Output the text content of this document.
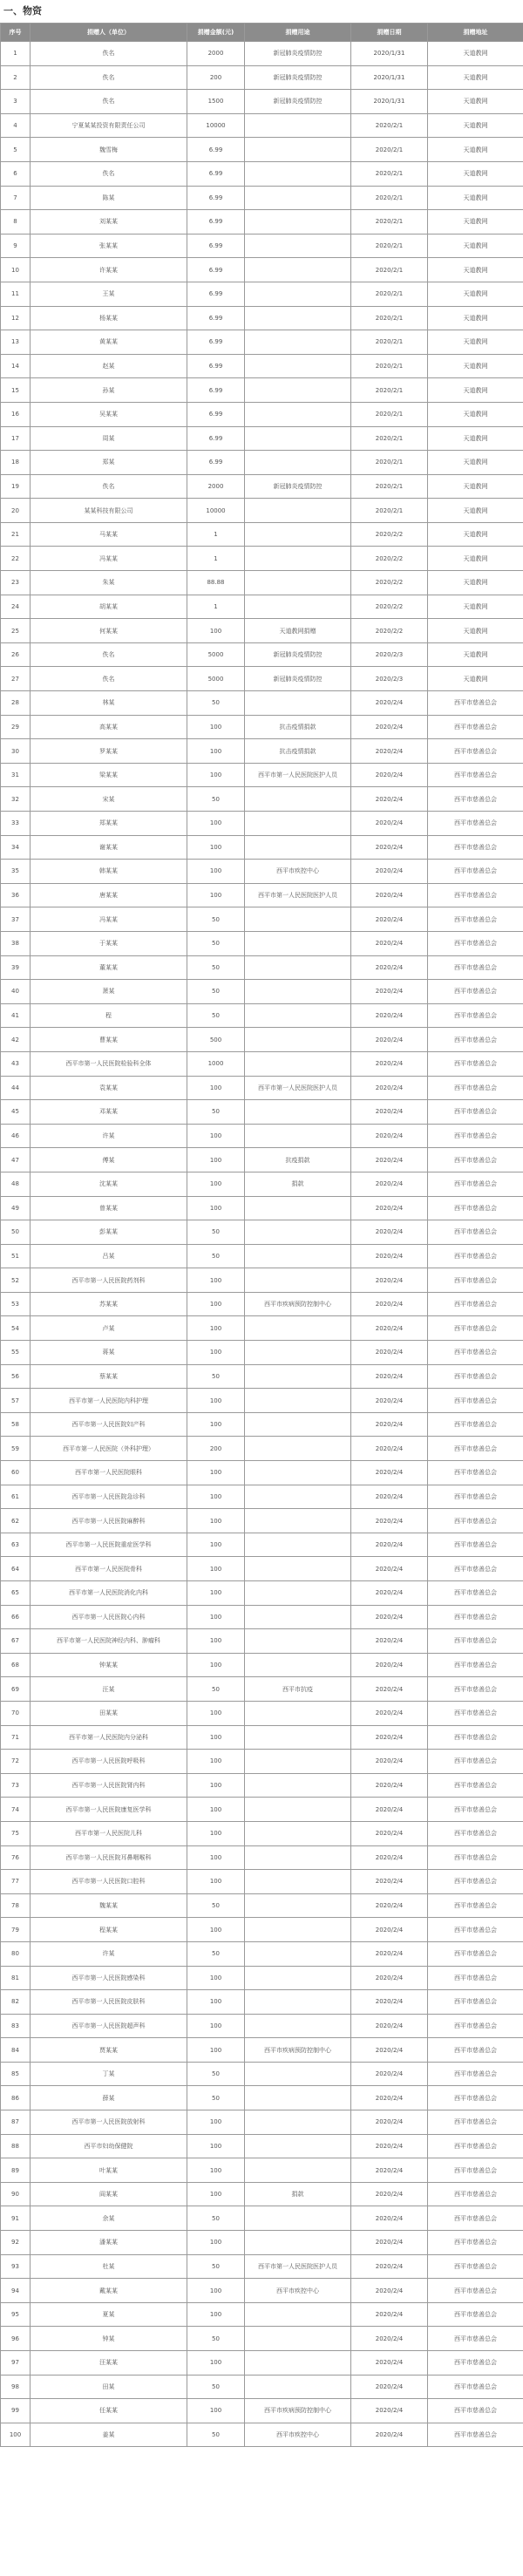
一、物资
序号	捐赠人（单位）	捐赠金额(元)	捐赠用途	捐赠日期	捐赠地址
1	佚名	2000	新冠肺炎疫情防控	2020/1/31	天道教网
2	佚名	200	新冠肺炎疫情防控	2020/1/31	天道教网
3	佚名	1500	新冠肺炎疫情防控	2020/1/31	天道教网
4	宁夏某某投资有限责任公司	10000		2020/2/1	天道教网
5	魏雪梅	6.99		2020/2/1	天道教网
6	佚名	6.99		2020/2/1	天道教网
7	陈某	6.99		2020/2/1	天道教网
8	刘某某	6.99		2020/2/1	天道教网
9	张某某	6.99		2020/2/1	天道教网
10	许某某	6.99		2020/2/1	天道教网
11	王某	6.99		2020/2/1	天道教网
12	杨某某	6.99		2020/2/1	天道教网
13	黄某某	6.99		2020/2/1	天道教网
14	赵某	6.99		2020/2/1	天道教网
15	孙某	6.99		2020/2/1	天道教网
16	吴某某	6.99		2020/2/1	天道教网
17	周某	6.99		2020/2/1	天道教网
18	郑某	6.99		2020/2/1	天道教网
19	佚名	2000	新冠肺炎疫情防控	2020/2/1	天道教网
20	某某科技有限公司	10000		2020/2/1	天道教网
21	马某某	1		2020/2/2	天道教网
22	冯某某	1		2020/2/2	天道教网
23	朱某	88.88		2020/2/2	天道教网
24	胡某某	1		2020/2/2	天道教网
25	何某某	100	天道教网捐赠	2020/2/2	天道教网
26	佚名	5000	新冠肺炎疫情防控	2020/2/3	天道教网
27	佚名	5000	新冠肺炎疫情防控	2020/2/3	天道教网
28	林某	50		2020/2/4	西平市慈善总会
29	高某某	100	抗击疫情捐款	2020/2/4	西平市慈善总会
30	罗某某	100	抗击疫情捐款	2020/2/4	西平市慈善总会
31	梁某某	100	西平市第一人民医院医护人员	2020/2/4	西平市慈善总会
32	宋某	50		2020/2/4	西平市慈善总会
33	郑某某	100		2020/2/4	西平市慈善总会
34	谢某某	100		2020/2/4	西平市慈善总会
35	韩某某	100	西平市疾控中心	2020/2/4	西平市慈善总会
36	唐某某	100	西平市第一人民医院医护人员	2020/2/4	西平市慈善总会
37	冯某某	50		2020/2/4	西平市慈善总会
38	于某某	50		2020/2/4	西平市慈善总会
39	董某某	50		2020/2/4	西平市慈善总会
40	萧某	50		2020/2/4	西平市慈善总会
41	程	50		2020/2/4	西平市慈善总会
42	曹某某	500		2020/2/4	西平市慈善总会
43	西平市第一人民医院检验科全体	1000		2020/2/4	西平市慈善总会
44	袁某某	100	西平市第一人民医院医护人员	2020/2/4	西平市慈善总会
45	邓某某	50		2020/2/4	西平市慈善总会
46	许某	100		2020/2/4	西平市慈善总会
47	傅某	100	抗疫捐款	2020/2/4	西平市慈善总会
48	沈某某	100	捐款	2020/2/4	西平市慈善总会
49	曾某某	100		2020/2/4	西平市慈善总会
50	彭某某	50		2020/2/4	西平市慈善总会
51	吕某	50		2020/2/4	西平市慈善总会
52	西平市第一人民医院药剂科	100		2020/2/4	西平市慈善总会
53	苏某某	100	西平市疾病预防控制中心	2020/2/4	西平市慈善总会
54	卢某	100		2020/2/4	西平市慈善总会
55	蒋某	100		2020/2/4	西平市慈善总会
56	蔡某某	50		2020/2/4	西平市慈善总会
57	西平市第一人民医院内科护理	100		2020/2/4	西平市慈善总会
58	西平市第一人民医院妇产科	100		2020/2/4	西平市慈善总会
59	西平市第一人民医院（外科护理）	200		2020/2/4	西平市慈善总会
60	西平市第一人民医院眼科	100		2020/2/4	西平市慈善总会
61	西平市第一人民医院急诊科	100		2020/2/4	西平市慈善总会
62	西平市第一人民医院麻醉科	100		2020/2/4	西平市慈善总会
63	西平市第一人民医院重症医学科	100		2020/2/4	西平市慈善总会
64	西平市第一人民医院骨科	100		2020/2/4	西平市慈善总会
65	西平市第一人民医院消化内科	100		2020/2/4	西平市慈善总会
66	西平市第一人民医院心内科	100		2020/2/4	西平市慈善总会
67	西平市第一人民医院神经内科、肿瘤科	100		2020/2/4	西平市慈善总会
68	钟某某	100		2020/2/4	西平市慈善总会
69	汪某	50	西平市抗疫	2020/2/4	西平市慈善总会
70	田某某	100		2020/2/4	西平市慈善总会
71	西平市第一人民医院内分泌科	100		2020/2/4	西平市慈善总会
72	西平市第一人民医院呼吸科	100		2020/2/4	西平市慈善总会
73	西平市第一人民医院肾内科	100		2020/2/4	西平市慈善总会
74	西平市第一人民医院康复医学科	100		2020/2/4	西平市慈善总会
75	西平市第一人民医院儿科	100		2020/2/4	西平市慈善总会
76	西平市第一人民医院耳鼻咽喉科	100		2020/2/4	西平市慈善总会
77	西平市第一人民医院口腔科	100		2020/2/4	西平市慈善总会
78	魏某某	50		2020/2/4	西平市慈善总会
79	程某某	100		2020/2/4	西平市慈善总会
80	许某	50		2020/2/4	西平市慈善总会
81	西平市第一人民医院感染科	100		2020/2/4	西平市慈善总会
82	西平市第一人民医院皮肤科	100		2020/2/4	西平市慈善总会
83	西平市第一人民医院超声科	100		2020/2/4	西平市慈善总会
84	贾某某	100	西平市疾病预防控制中心	2020/2/4	西平市慈善总会
85	丁某	50		2020/2/4	西平市慈善总会
86	薛某	50		2020/2/4	西平市慈善总会
87	西平市第一人民医院放射科	100		2020/2/4	西平市慈善总会
88	西平市妇幼保健院	100		2020/2/4	西平市慈善总会
89	叶某某	100		2020/2/4	西平市慈善总会
90	阎某某	100	捐款	2020/2/4	西平市慈善总会
91	余某	50		2020/2/4	西平市慈善总会
92	潘某某	100		2020/2/4	西平市慈善总会
93	杜某	50	西平市第一人民医院医护人员	2020/2/4	西平市慈善总会
94	戴某某	100	西平市疾控中心	2020/2/4	西平市慈善总会
95	夏某	100		2020/2/4	西平市慈善总会
96	钟某	50		2020/2/4	西平市慈善总会
97	汪某某	100		2020/2/4	西平市慈善总会
98	田某	50		2020/2/4	西平市慈善总会
99	任某某	100	西平市疾病预防控制中心	2020/2/4	西平市慈善总会
100	姜某	50	西平市疾控中心	2020/2/4	西平市慈善总会
